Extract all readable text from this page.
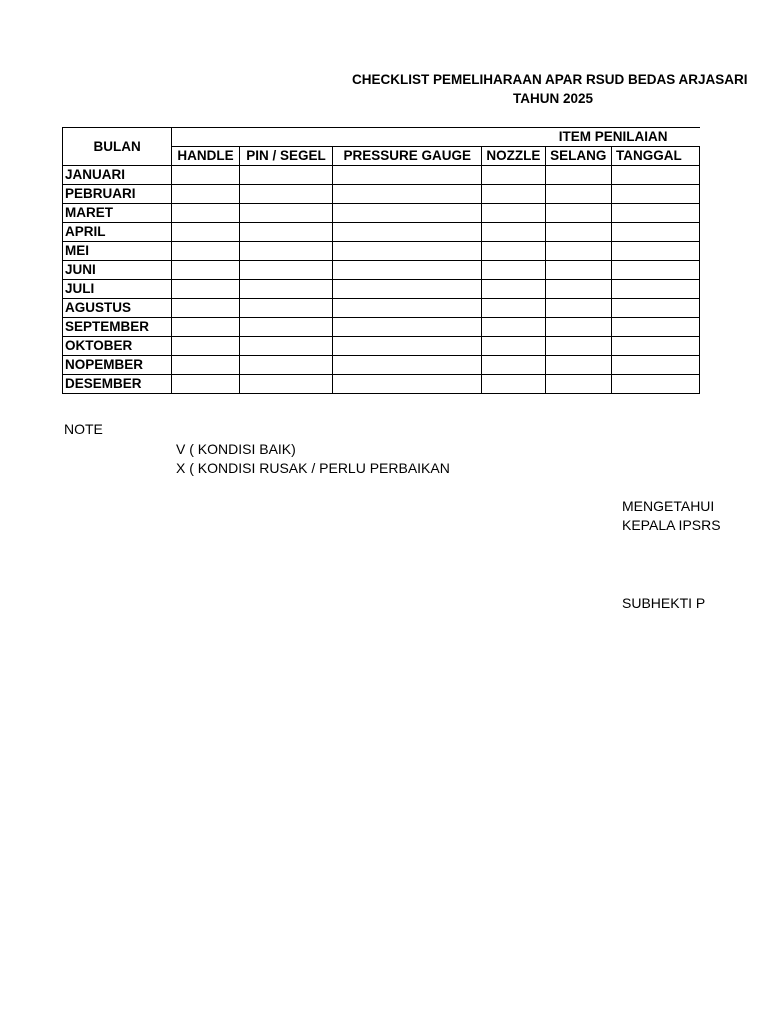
CHECKLIST PEMELIHARAAN APAR RSUD BEDAS ARJASARI
TAHUN 2025
BULAN	ITEM PENILAIAN					
	HANDLE	PIN / SEGEL	PRESSURE GAUGE	NOZZLE	SELANG	TANGGAL
JANUARI						
PEBRUARI						
MARET						
APRIL						
MEI						
JUNI						
JULI						
AGUSTUS						
SEPTEMBER						
OKTOBER						
NOPEMBER						
DESEMBER						
NOTE
V ( KONDISI BAIK)
X ( KONDISI RUSAK / PERLU PERBAIKAN
MENGETAHUI
KEPALA IPSRS
SUBHEKTI P
